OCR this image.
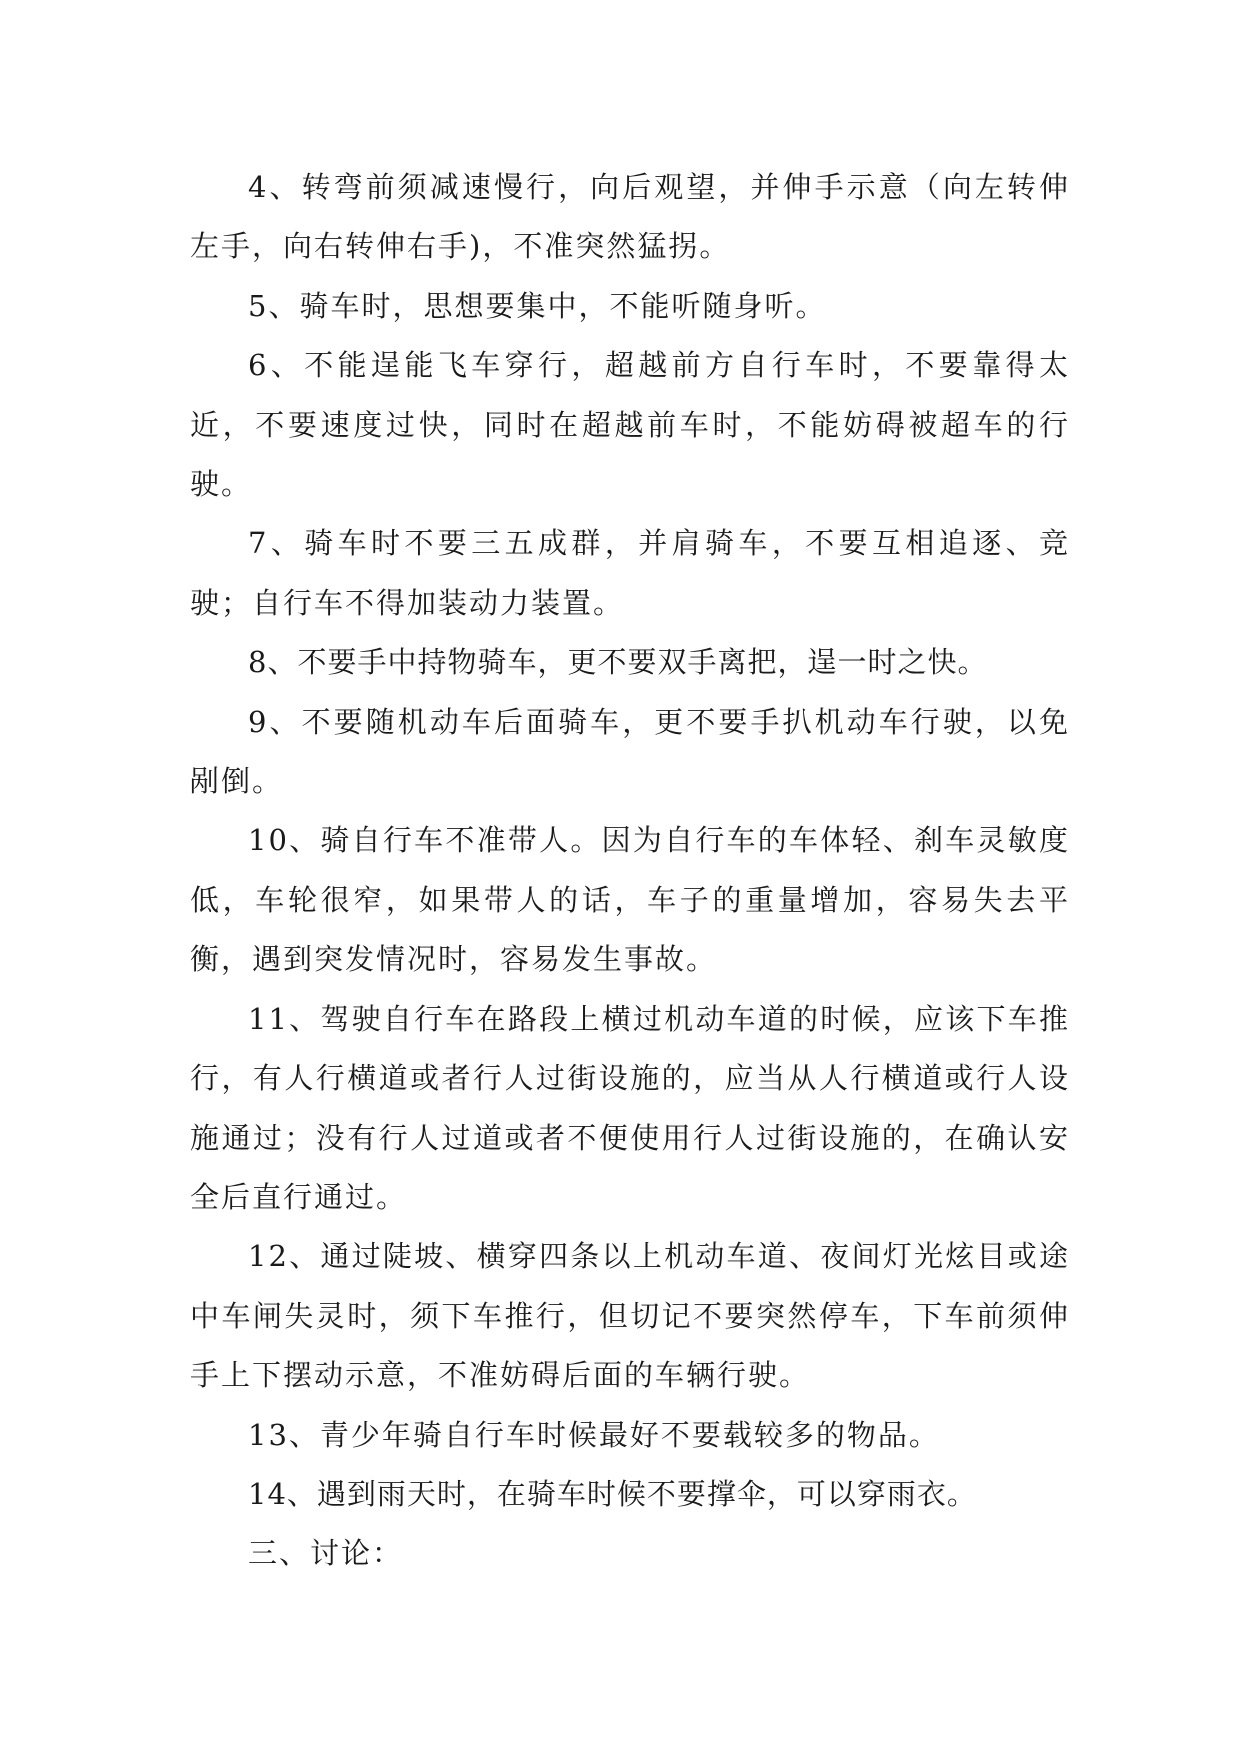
4、转弯前须减速慢行，向后观望，并伸手示意（向左转伸左手，向右转伸右手)，不准突然猛拐。

5、骑车时，思想要集中，不能听随身听。

6、不能逞能飞车穿行，超越前方自行车时，不要靠得太近，不要速度过快，同时在超越前车时，不能妨碍被超车的行驶。

7、骑车时不要三五成群，并肩骑车，不要互相追逐、竞驶；自行车不得加装动力装置。

8、不要手中持物骑车，更不要双手离把，逞一时之快。

9、不要随机动车后面骑车，更不要手扒机动车行驶，以免剐倒。

10、骑自行车不准带人。因为自行车的车体轻、刹车灵敏度低，车轮很窄，如果带人的话，车子的重量增加，容易失去平衡，遇到突发情况时，容易发生事故。

11、驾驶自行车在路段上横过机动车道的时候，应该下车推行，有人行横道或者行人过街设施的，应当从人行横道或行人设施通过；没有行人过道或者不便使用行人过街设施的，在确认安全后直行通过。

12、通过陡坡、横穿四条以上机动车道、夜间灯光炫目或途中车闸失灵时，须下车推行，但切记不要突然停车，下车前须伸手上下摆动示意，不准妨碍后面的车辆行驶。

13、青少年骑自行车时候最好不要载较多的物品。

14、遇到雨天时，在骑车时候不要撑伞，可以穿雨衣。

三、讨论：
